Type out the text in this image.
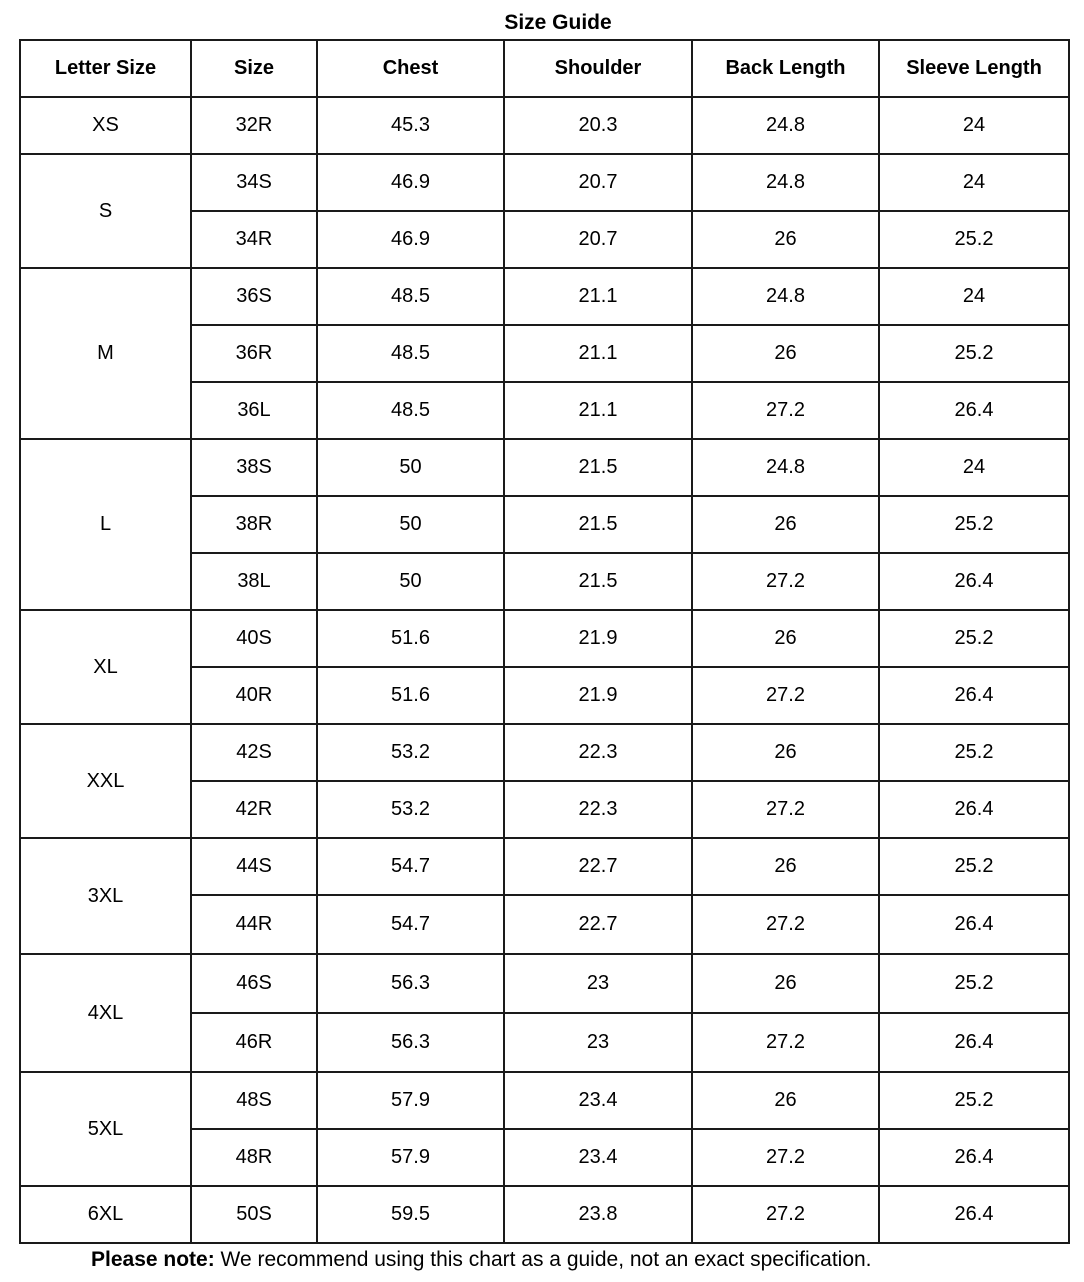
Size Guide
Letter Size	Size	Chest	Shoulder	Back Length	Sleeve Length
XS	32R	45.3	20.3	24.8	24
S	34S	46.9	20.7	24.8	24
	34R	46.9	20.7	26	25.2
M	36S	48.5	21.1	24.8	24
	36R	48.5	21.1	26	25.2
	36L	48.5	21.1	27.2	26.4
L	38S	50	21.5	24.8	24
	38R	50	21.5	26	25.2
	38L	50	21.5	27.2	26.4
XL	40S	51.6	21.9	26	25.2
	40R	51.6	21.9	27.2	26.4
XXL	42S	53.2	22.3	26	25.2
	42R	53.2	22.3	27.2	26.4
3XL	44S	54.7	22.7	26	25.2
	44R	54.7	22.7	27.2	26.4
4XL	46S	56.3	23	26	25.2
	46R	56.3	23	27.2	26.4
5XL	48S	57.9	23.4	26	25.2
	48R	57.9	23.4	27.2	26.4
6XL	50S	59.5	23.8	27.2	26.4
Please note: We recommend using this chart as a guide, not an exact specification.
